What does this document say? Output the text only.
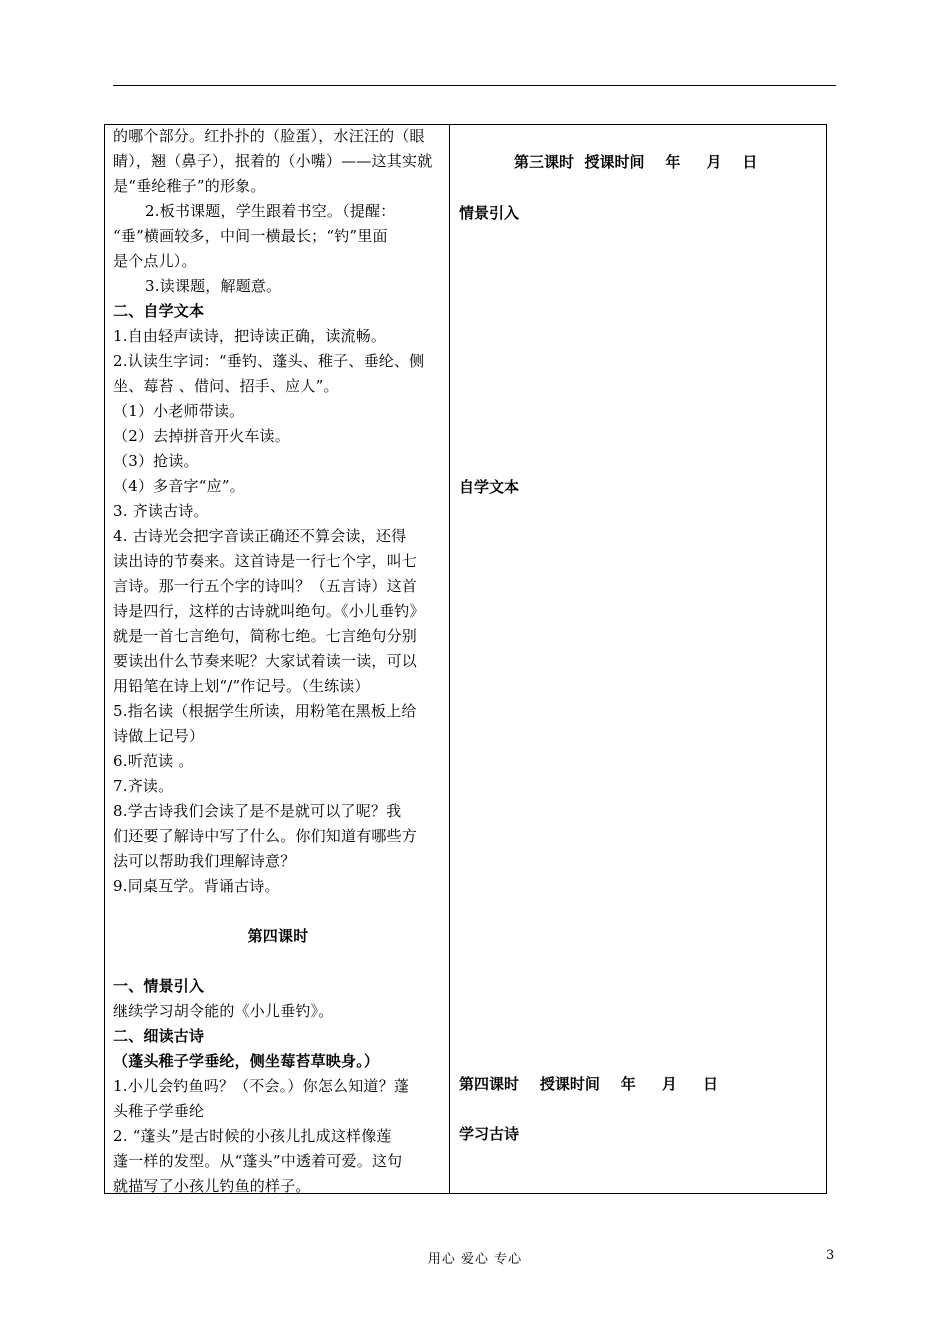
的哪个部分。红扑扑的（脸蛋），水汪汪的（眼
睛），翘（鼻子），抿着的（小嘴）——这其实就
是“垂纶稚子”的形象。
2.板书课题，学生跟着书空。（提醒：
“垂”横画较多，中间一横最长；“钓”里面
是个点儿）。
3.读课题，解题意。
二、自学文本
1.自由轻声读诗，把诗读正确，读流畅。
2.认读生字词：“垂钓、蓬头、稚子、垂纶、侧
坐、莓苔 、借问、招手、应人”。
（1）小老师带读。
（2）去掉拼音开火车读。
（3）抢读。
（4）多音字“应”。
3. 齐读古诗。
4. 古诗光会把字音读正确还不算会读，还得
读出诗的节奏来。这首诗是一行七个字，叫七
言诗。那一行五个字的诗叫？（五言诗）这首
诗是四行，这样的古诗就叫绝句。《小儿垂钓》
就是一首七言绝句，简称七绝。七言绝句分别
要读出什么节奏来呢？大家试着读一读，可以
用铅笔在诗上划“/”作记号。（生练读）
5.指名读（根据学生所读，用粉笔在黑板上给
诗做上记号）
6.听范读 。
7.齐读。
8.学古诗我们会读了是不是就可以了呢？我
们还要了解诗中写了什么。你们知道有哪些方
法可以帮助我们理解诗意？
9.同桌互学。背诵古诗。
第四课时
一、情景引入
继续学习胡令能的《小儿垂钓》。
二、细读古诗
（蓬头稚子学垂纶，侧坐莓苔草映身。）
1.小儿会钓鱼吗？（不会。）你怎么知道？蓬
头稚子学垂纶
2. “蓬头”是古时候的小孩儿扎成这样像莲
蓬一样的发型。从“蓬头”中透着可爱。这句
就描写了小孩儿钓鱼的样子。
第三课时  授课时间    年     月    日
情景引入
自学文本
第四课时    授课时间    年     月     日
学习古诗
用心 爱心 专心	3
